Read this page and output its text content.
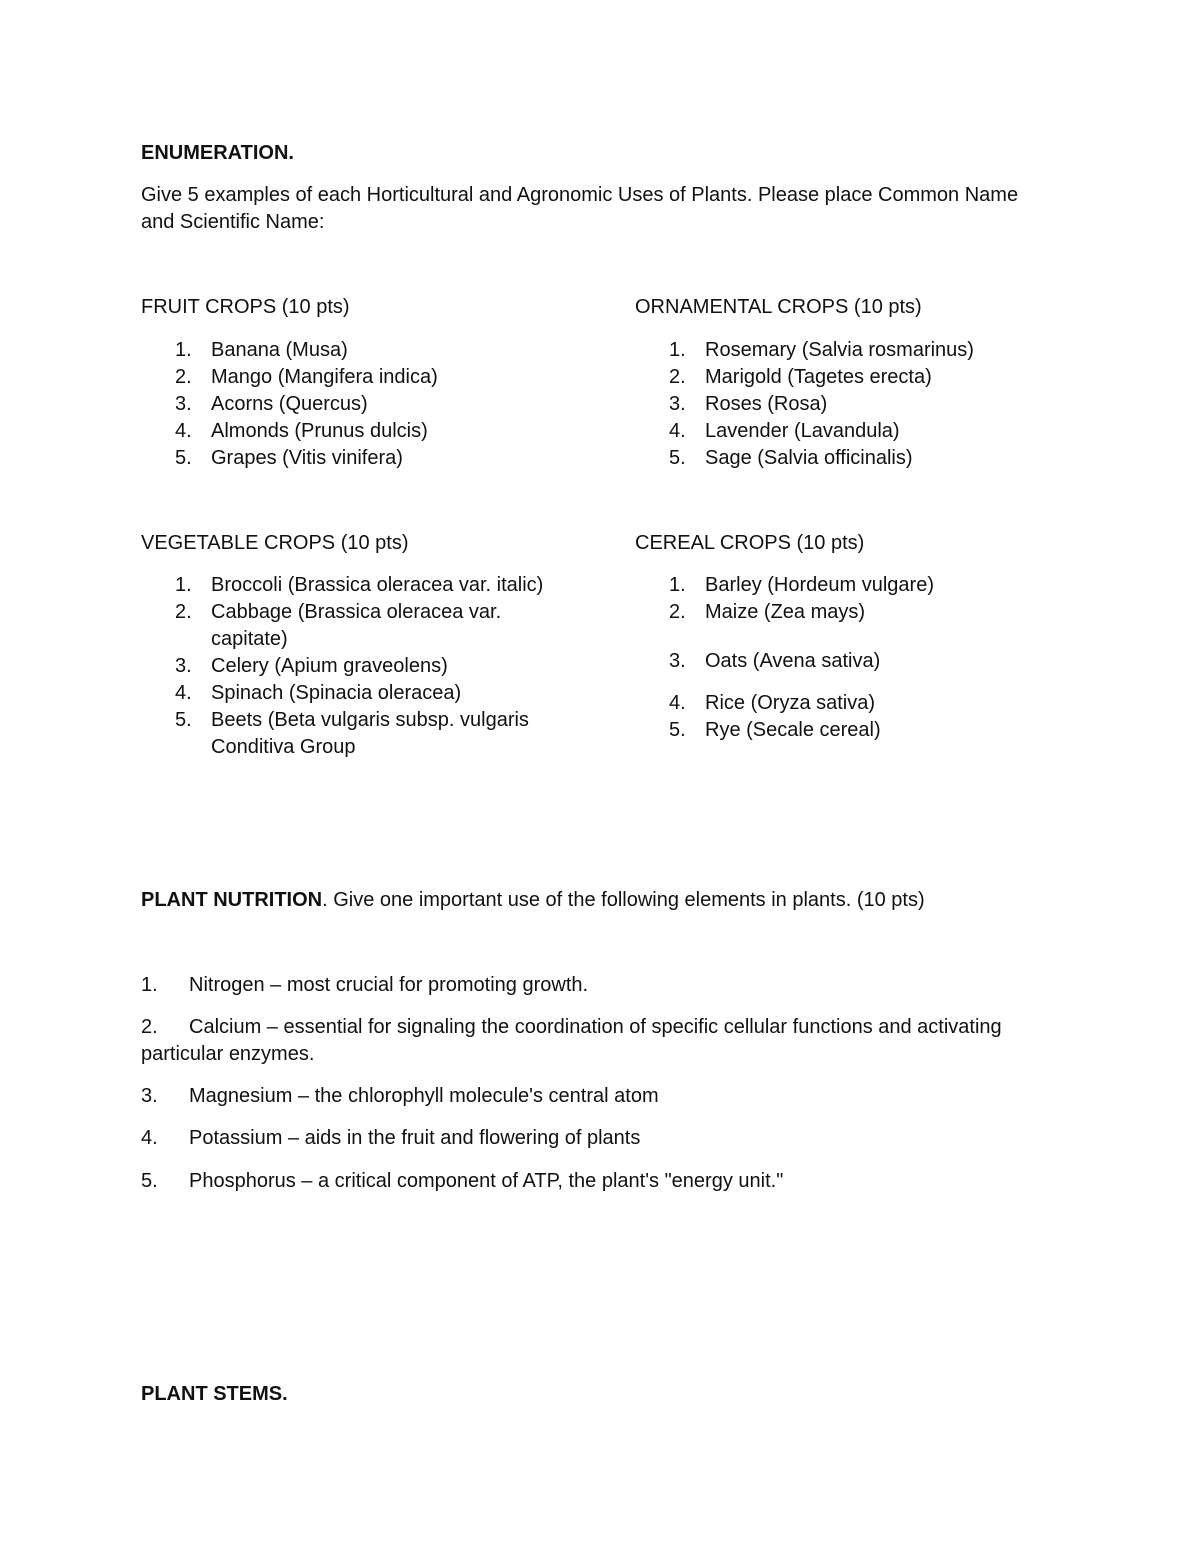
ENUMERATION.
Give 5 examples of each Horticultural and Agronomic Uses of Plants. Please place Common Name and Scientific Name:
FRUIT CROPS (10 pts)
1. Banana (Musa)
2. Mango (Mangifera indica)
3. Acorns (Quercus)
4. Almonds (Prunus dulcis)
5. Grapes (Vitis vinifera)
ORNAMENTAL CROPS (10 pts)
1. Rosemary (Salvia rosmarinus)
2. Marigold (Tagetes erecta)
3. Roses (Rosa)
4. Lavender (Lavandula)
5. Sage (Salvia officinalis)
VEGETABLE CROPS (10 pts)
1. Broccoli (Brassica oleracea var. italic)
2. Cabbage (Brassica oleracea var. capitate)
3. Celery (Apium graveolens)
4. Spinach (Spinacia oleracea)
5. Beets (Beta vulgaris subsp. vulgaris Conditiva Group
CEREAL CROPS (10 pts)
1. Barley (Hordeum vulgare)
2. Maize (Zea mays)
3. Oats (Avena sativa)
4. Rice (Oryza sativa)
5. Rye (Secale cereal)
PLANT NUTRITION. Give one important use of the following elements in plants. (10 pts)
1. Nitrogen – most crucial for promoting growth.
2. Calcium – essential for signaling the coordination of specific cellular functions and activating particular enzymes.
3. Magnesium – the chlorophyll molecule's central atom
4. Potassium – aids in the fruit and flowering of plants
5. Phosphorus – a critical component of ATP, the plant's "energy unit."
PLANT STEMS.
